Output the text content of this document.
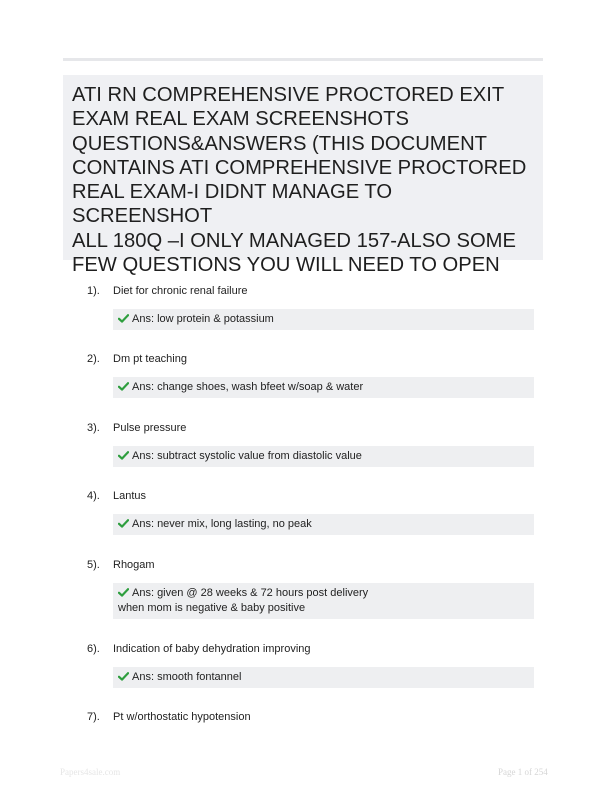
ATI RN COMPREHENSIVE PROCTORED EXIT
EXAM REAL EXAM SCREENSHOTS
QUESTIONS&ANSWERS (THIS DOCUMENT
CONTAINS ATI COMPREHENSIVE PROCTORED
REAL EXAM-I DIDNT MANAGE TO SCREENSHOT
ALL 180Q –I ONLY MANAGED 157-ALSO SOME
FEW QUESTIONS YOU WILL NEED TO OPEN
1). Diet for chronic renal failure
Ans: low protein & potassium
2). Dm pt teaching
Ans: change shoes, wash bfeet w/soap & water
3). Pulse pressure
Ans: subtract systolic value from diastolic value
4). Lantus
Ans: never mix, long lasting, no peak
5). Rhogam
Ans: given @ 28 weeks & 72 hours post delivery
when mom is negative & baby positive
6). Indication of baby dehydration improving
Ans: smooth fontannel
7). Pt w/orthostatic hypotension
Papers4sale.com	Page 1 of 254
